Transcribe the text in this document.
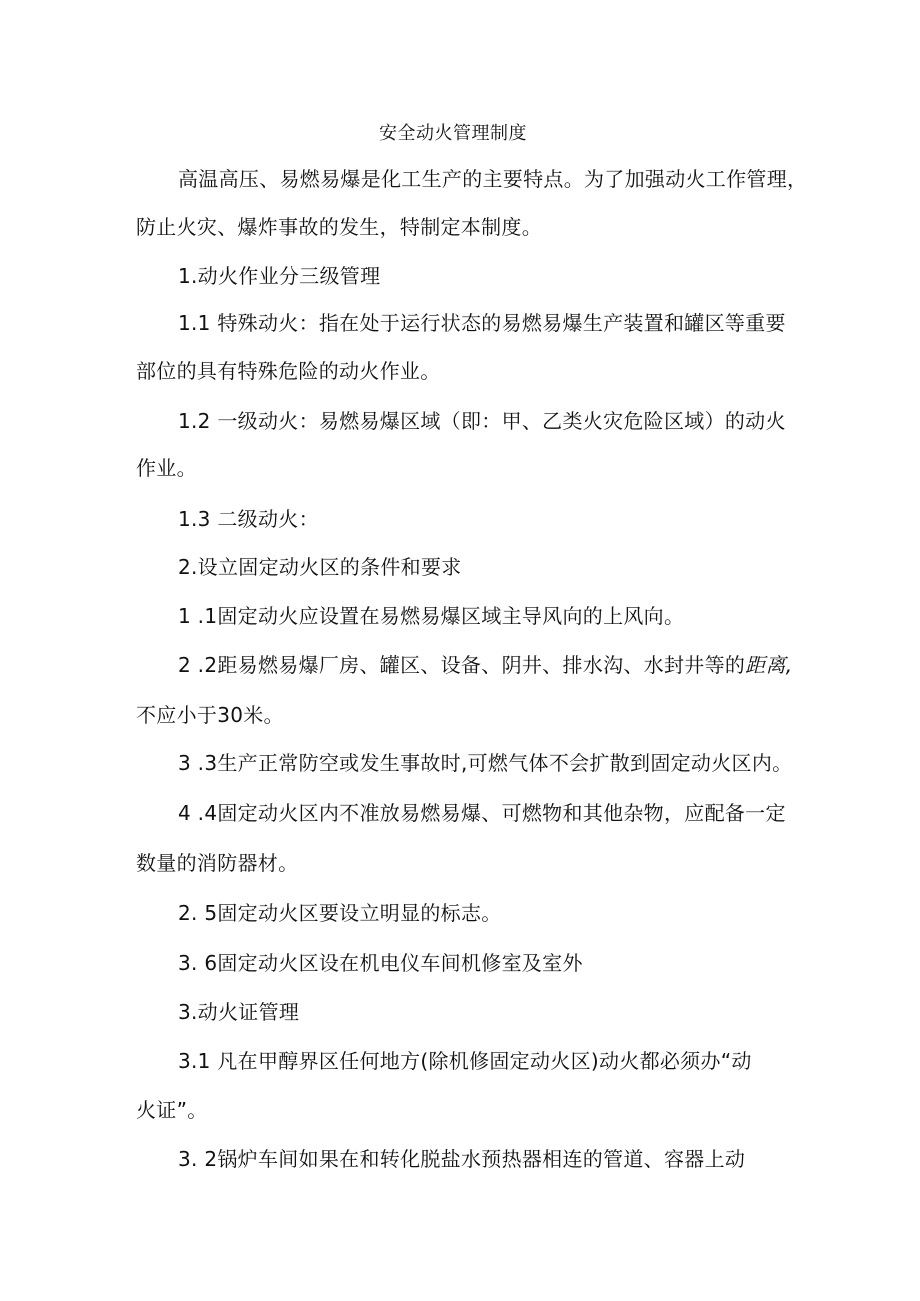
安全动火管理制度
高温高压、易燃易爆是化工生产的主要特点。为了加强动火工作管理，
防止火灾、爆炸事故的发生，特制定本制度。
1.动火作业分三级管理
1.1 特殊动火：指在处于运行状态的易燃易爆生产装置和罐区等重要
部位的具有特殊危险的动火作业。
1.2 一级动火：易燃易爆区域（即：甲、乙类火灾危险区域）的动火
作业。
1.3 二级动火：
2.设立固定动火区的条件和要求
1 .1固定动火应设置在易燃易爆区域主导风向的上风向。
2 .2距易燃易爆厂房、罐区、设备、阴井、排水沟、水封井等的距离,
不应小于30米。
3 .3生产正常防空或发生事故时,可燃气体不会扩散到固定动火区内。
4 .4固定动火区内不准放易燃易爆、可燃物和其他杂物，应配备一定
数量的消防器材。
2. 5固定动火区要设立明显的标志。
3. 6固定动火区设在机电仪车间机修室及室外
3.动火证管理
3.1 凡在甲醇界区任何地方(除机修固定动火区)动火都必须办“动
火证”。
3. 2锅炉车间如果在和转化脱盐水预热器相连的管道、容器上动
